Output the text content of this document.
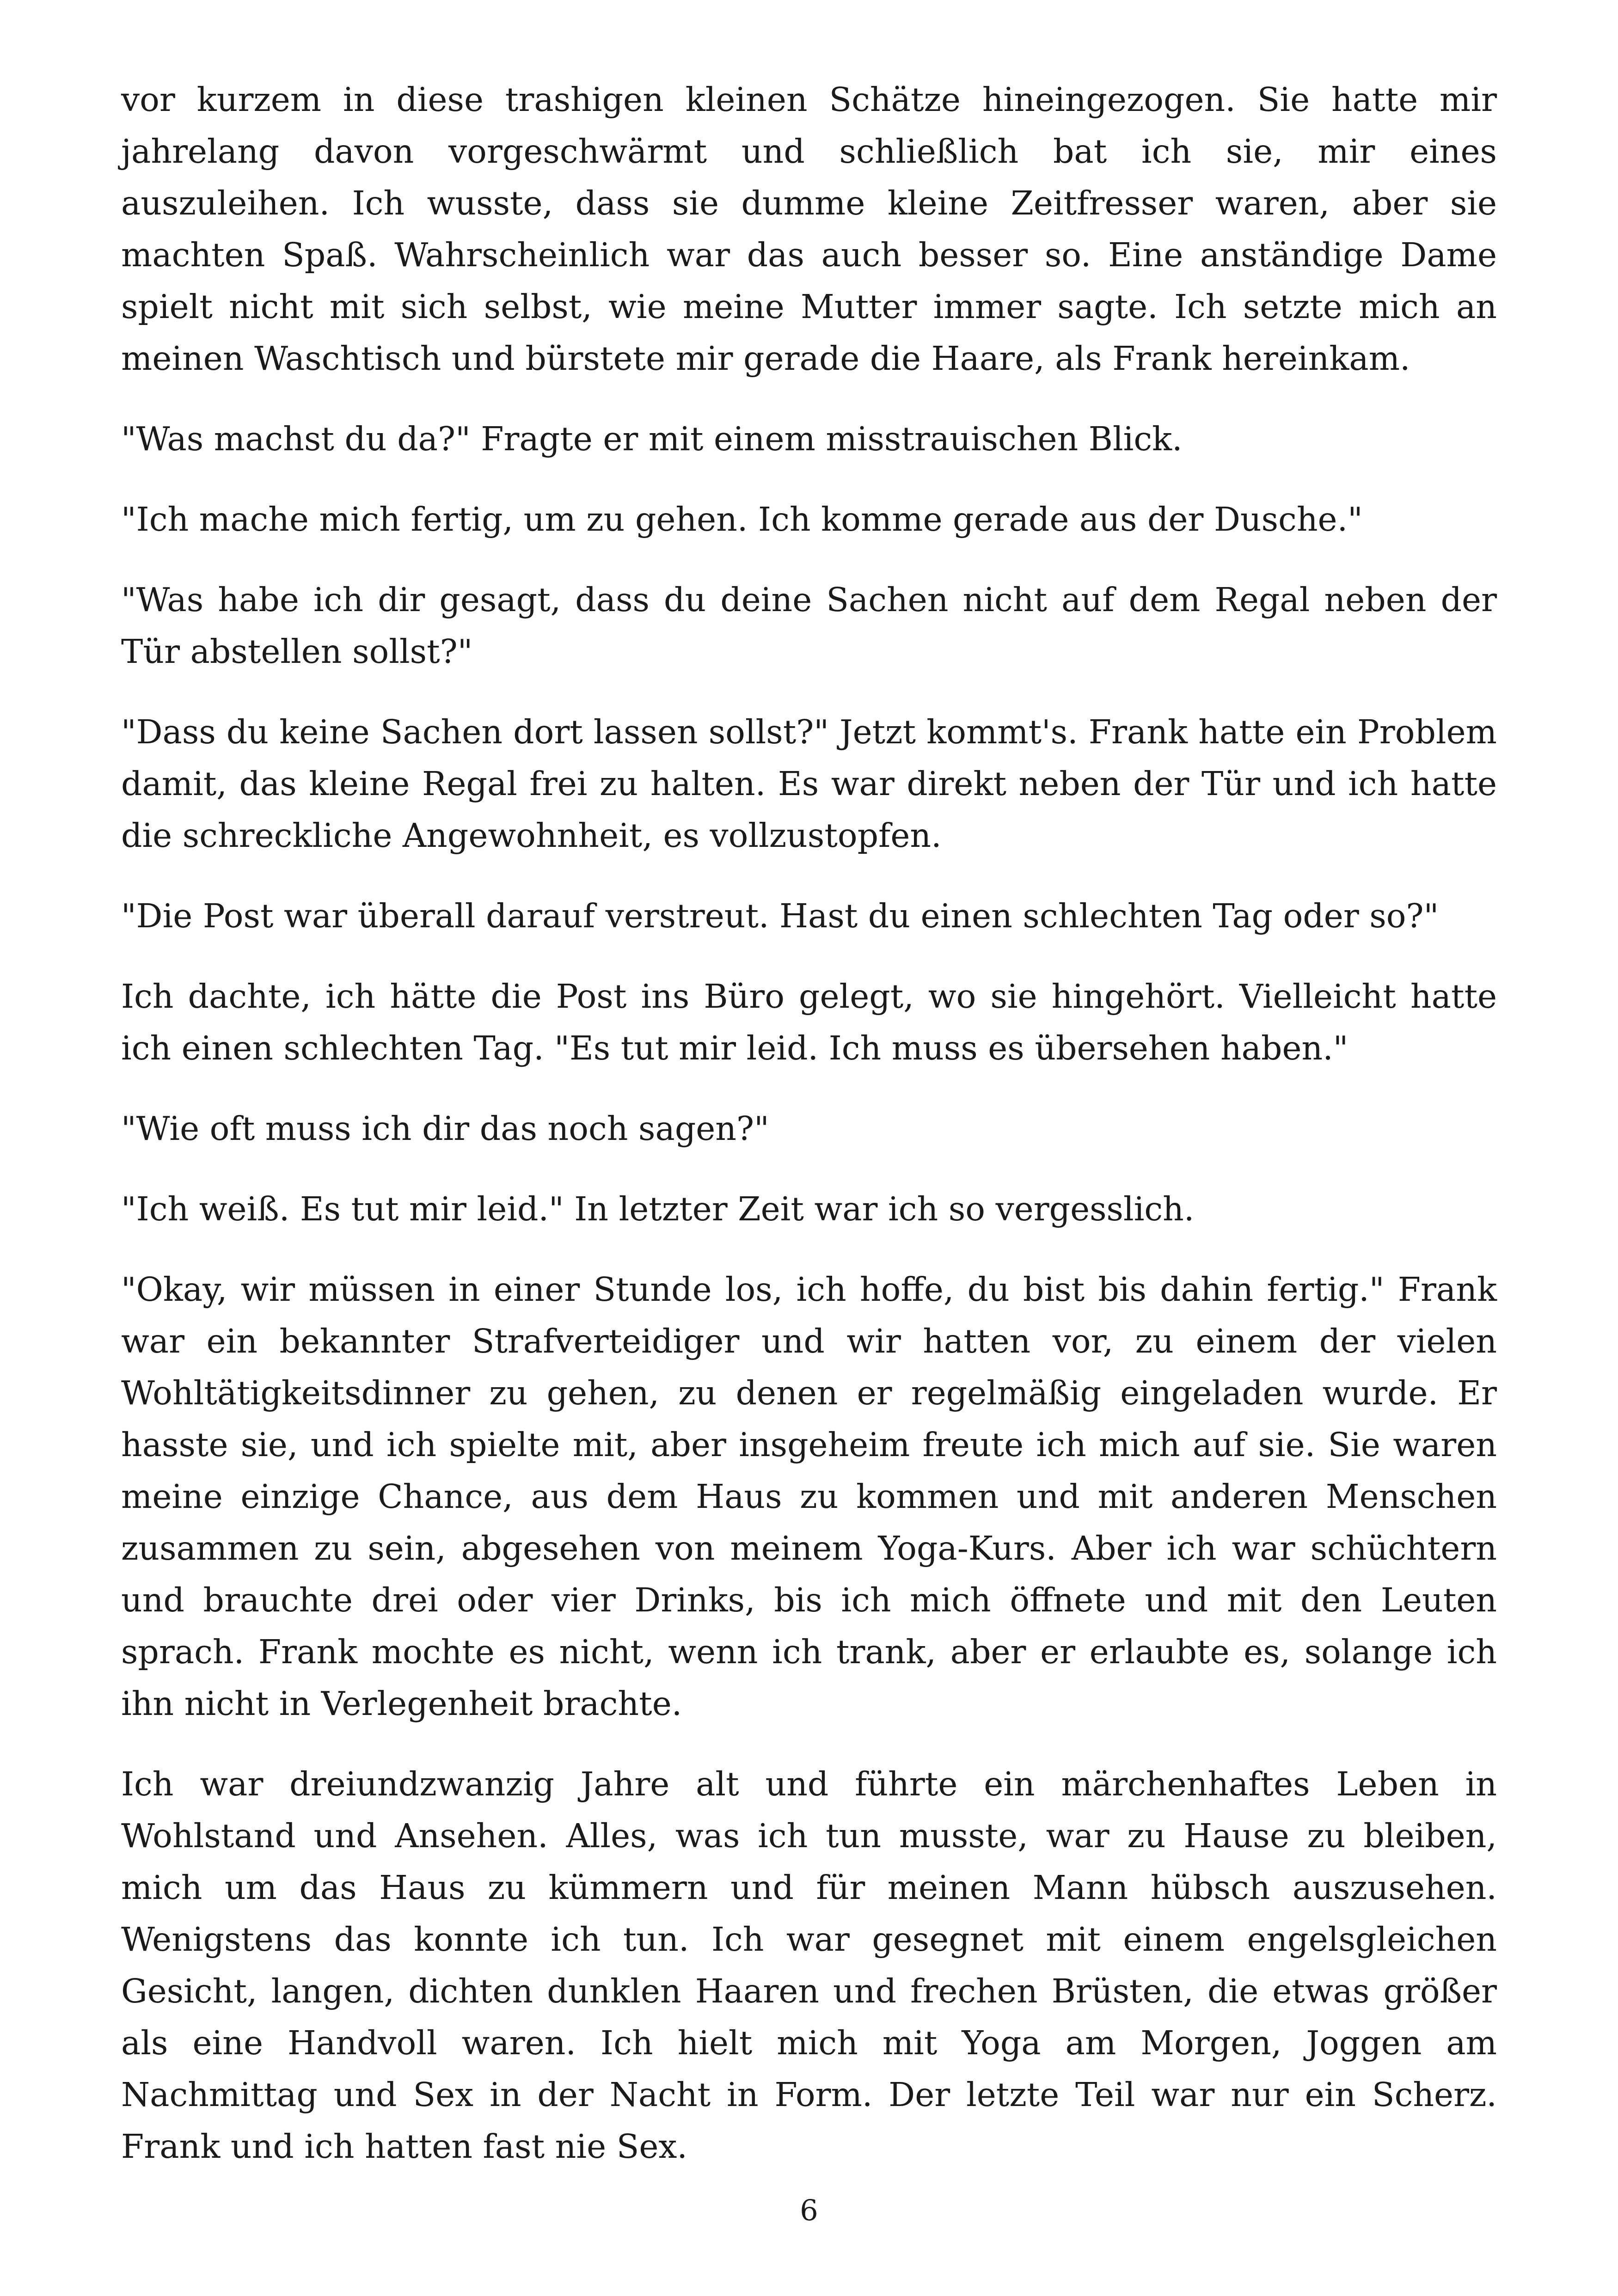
vor kurzem in diese trashigen kleinen Schätze hineingezogen. Sie hatte mir jahrelang davon vorgeschwärmt und schließlich bat ich sie, mir eines auszuleihen. Ich wusste, dass sie dumme kleine Zeitfresser waren, aber sie machten Spaß. Wahrscheinlich war das auch besser so. Eine anständige Dame spielt nicht mit sich selbst, wie meine Mutter immer sagte. Ich setzte mich an meinen Waschtisch und bürstete mir gerade die Haare, als Frank hereinkam.

"Was machst du da?" Fragte er mit einem misstrauischen Blick.

"Ich mache mich fertig, um zu gehen. Ich komme gerade aus der Dusche."

"Was habe ich dir gesagt, dass du deine Sachen nicht auf dem Regal neben der Tür abstellen sollst?"

"Dass du keine Sachen dort lassen sollst?" Jetzt kommt's. Frank hatte ein Problem damit, das kleine Regal frei zu halten. Es war direkt neben der Tür und ich hatte die schreckliche Angewohnheit, es vollzustopfen.

"Die Post war überall darauf verstreut. Hast du einen schlechten Tag oder so?"

Ich dachte, ich hätte die Post ins Büro gelegt, wo sie hingehört. Vielleicht hatte ich einen schlechten Tag. "Es tut mir leid. Ich muss es übersehen haben."

"Wie oft muss ich dir das noch sagen?"

"Ich weiß. Es tut mir leid." In letzter Zeit war ich so vergesslich.

"Okay, wir müssen in einer Stunde los, ich hoffe, du bist bis dahin fertig." Frank war ein bekannter Strafverteidiger und wir hatten vor, zu einem der vielen Wohltätigkeitsdinner zu gehen, zu denen er regelmäßig eingeladen wurde. Er hasste sie, und ich spielte mit, aber insgeheim freute ich mich auf sie. Sie waren meine einzige Chance, aus dem Haus zu kommen und mit anderen Menschen zusammen zu sein, abgesehen von meinem Yoga-Kurs. Aber ich war schüchtern und brauchte drei oder vier Drinks, bis ich mich öffnete und mit den Leuten sprach. Frank mochte es nicht, wenn ich trank, aber er erlaubte es, solange ich ihn nicht in Verlegenheit brachte.

Ich war dreiundzwanzig Jahre alt und führte ein märchenhaftes Leben in Wohlstand und Ansehen. Alles, was ich tun musste, war zu Hause zu bleiben, mich um das Haus zu kümmern und für meinen Mann hübsch auszusehen. Wenigstens das konnte ich tun. Ich war gesegnet mit einem engelsgleichen Gesicht, langen, dichten dunklen Haaren und frechen Brüsten, die etwas größer als eine Handvoll waren. Ich hielt mich mit Yoga am Morgen, Joggen am Nachmittag und Sex in der Nacht in Form. Der letzte Teil war nur ein Scherz. Frank und ich hatten fast nie Sex.

6
